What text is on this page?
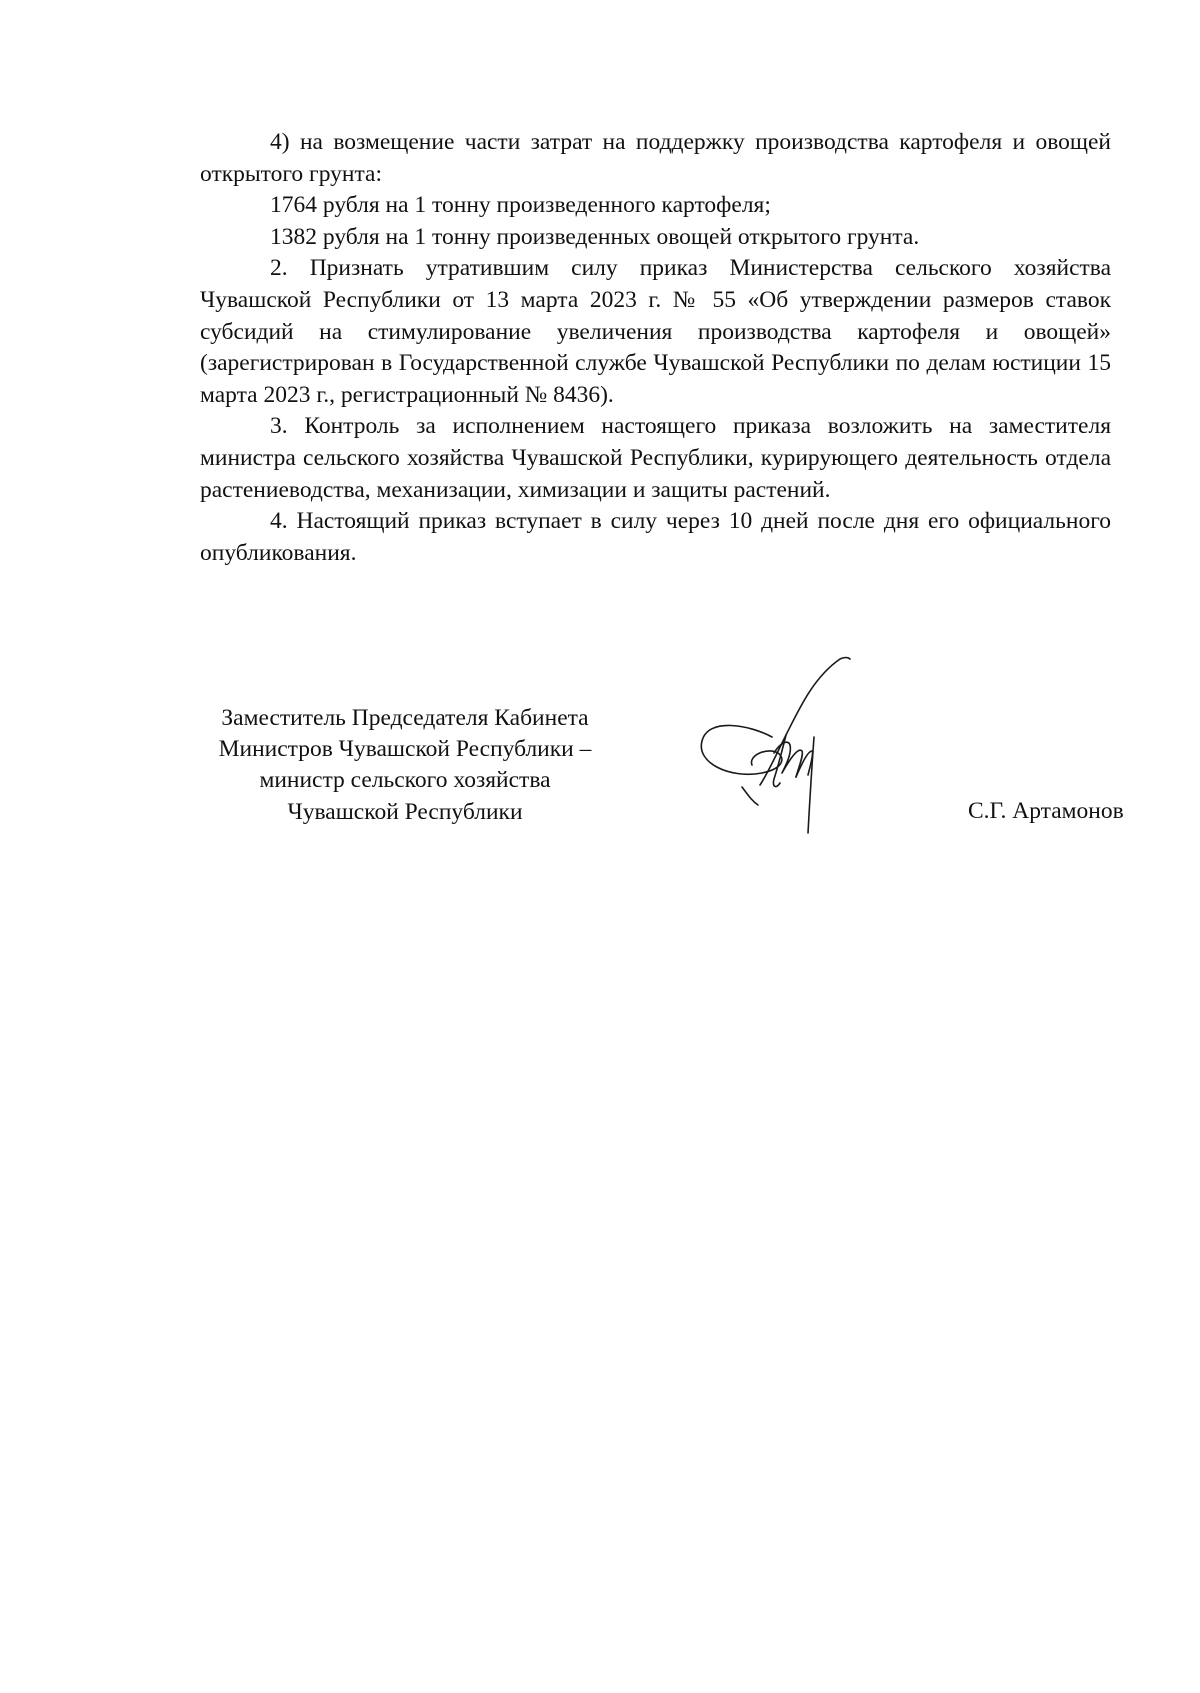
4) на возмещение части затрат на поддержку производства картофеля и овощей открытого грунта:

1764 рубля на 1 тонну произведенного картофеля;

1382 рубля на 1 тонну произведенных овощей открытого грунта.

2. Признать утратившим силу приказ Министерства сельского хозяйства Чувашской Республики от 13 марта 2023 г. № 55 «Об утверждении размеров ставок субсидий на стимулирование увеличения производства картофеля и овощей» (зарегистрирован в Государственной службе Чувашской Республики по делам юстиции 15 марта 2023 г., регистрационный № 8436).

3. Контроль за исполнением настоящего приказа возложить на заместителя министра сельского хозяйства Чувашской Республики, курирующего деятельность отдела растениеводства, механизации, химизации и защиты растений.

4. Настоящий приказ вступает в силу через 10 дней после дня его официального опубликования.

Заместитель Председателя Кабинета
Министров Чувашской Республики –
министр сельского хозяйства
Чувашской Республики	С.Г. Артамонов
